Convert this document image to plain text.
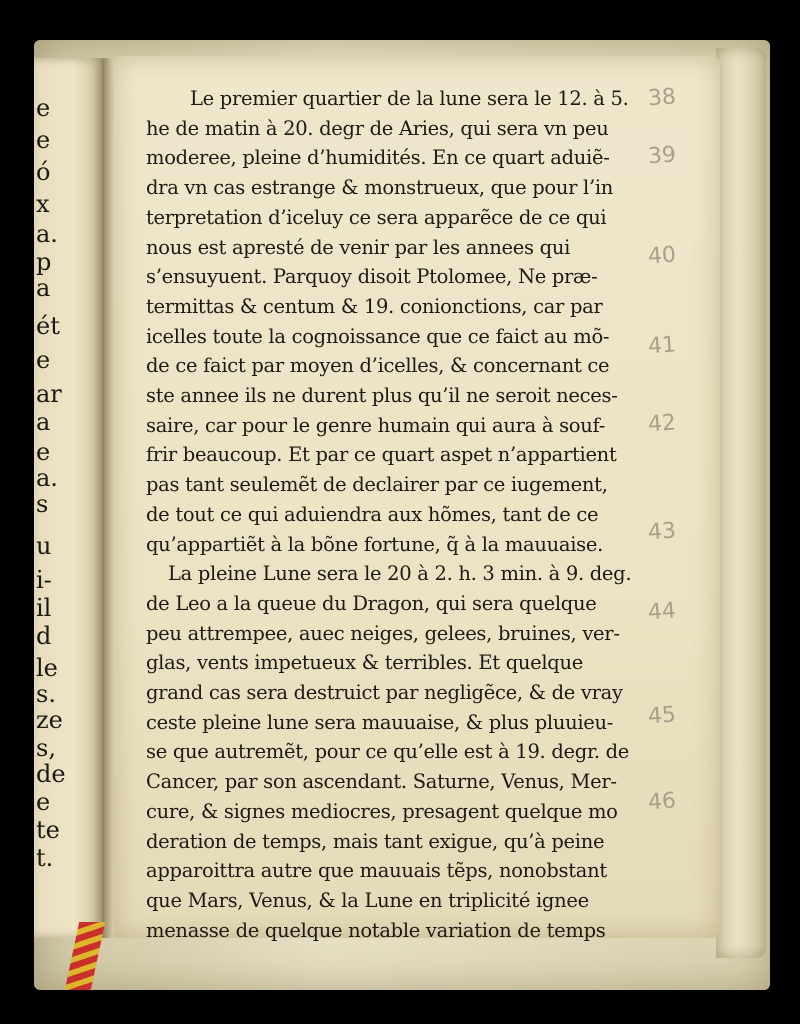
e
e
ó
x
a.
p
a
ét
e
ar
a
e
a.
s
u
i-
il
d
le
s.
ze
s,
de
e
te
t.
Le premier quartier de la lune sera le 12. à 5.
he de matin à 20. degr de Aries, qui sera vn peu
moderee, pleine d’humidités. En ce quart aduiẽ-
dra vn cas estrange & monstrueux, que pour l’in
terpretation d’iceluy ce sera apparẽce de ce qui
nous est apresté de venir par les annees qui
s’ensuyuent. Parquoy disoit Ptolomee, Ne præ-
termittas & centum & 19. conionctions, car par
icelles toute la cognoissance que ce faict au mõ-
de ce faict par moyen d’icelles, & concernant ce
ste annee ils ne durent plus qu’il ne seroit neces-
saire, car pour le genre humain qui aura à souf-
frir beaucoup. Et par ce quart aspet n’appartient
pas tant seulemẽt de declairer par ce iugement,
de tout ce qui aduiendra aux hõmes, tant de ce
qu’appartiẽt à la bõne fortune, q̃ à la mauuaise.
La pleine Lune sera le 20 à 2. h. 3 min. à 9. deg.
de Leo a la queue du Dragon, qui sera quelque
peu attrempee, auec neiges, gelees, bruines, ver-
glas, vents impetueux & terribles. Et quelque
grand cas sera destruict par negligẽce, & de vray
ceste pleine lune sera mauuaise, & plus pluuieu-
se que autremẽt, pour ce qu’elle est à 19. degr. de
Cancer, par son ascendant. Saturne, Venus, Mer-
cure, & signes mediocres, presagent quelque mo
deration de temps, mais tant exigue, qu’à peine
apparoittra autre que mauuais tẽps, nonobstant
que Mars, Venus, & la Lune en triplicité ignee
menasse de quelque notable variation de temps
38
39
40
41
42
43
44
45
46
